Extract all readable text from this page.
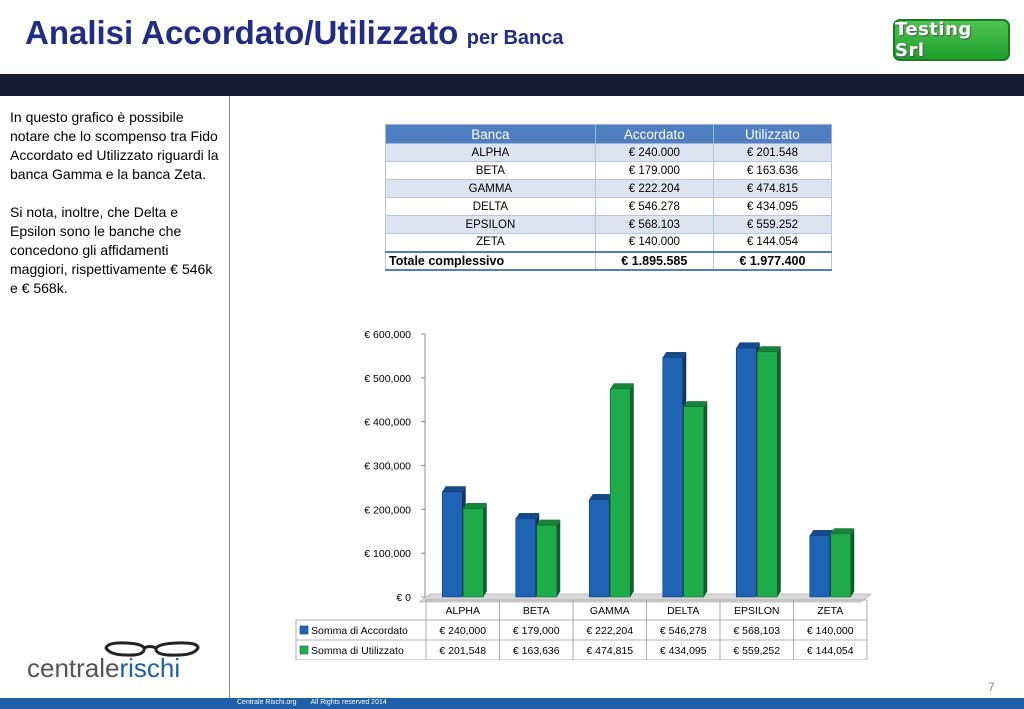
Analisi Accordato/Utilizzato per Banca	Testing Srl

In questo grafico è possibile notare che lo scompenso tra Fido Accordato ed Utilizzato riguardi la banca Gamma e la banca Zeta.

Si nota, inoltre, che Delta e Epsilon sono le banche che concedono gli affidamenti maggiori, rispettivamente € 546k e € 568k.

centralerischi
Banca	Accordato	Utilizzato
ALPHA	€ 240.000	€ 201.548
BETA	€ 179.000	€ 163.636
GAMMA	€ 222.204	€ 474.815
DELTA	€ 546.278	€ 434.095
EPSILON	€ 568.103	€ 559.252
ZETA	€ 140.000	€ 144.054
Totale complessivo	€ 1.895.585	€ 1.977.400
€ 0
€ 100,000
€ 200,000
€ 300,000
€ 400,000
€ 500,000
€ 600,000
ALPHA	BETA	GAMMA	DELTA	EPSILON	ZETA
Somma di Accordato	€ 240,000	€ 179,000	€ 222,204	€ 546,278	€ 568,103	€ 140,000
Somma di Utilizzato	€ 201,548	€ 163,636	€ 474,815	€ 434,095	€ 559,252	€ 144,054
7
Centrale Rischi.org All Rights reserved 2014
